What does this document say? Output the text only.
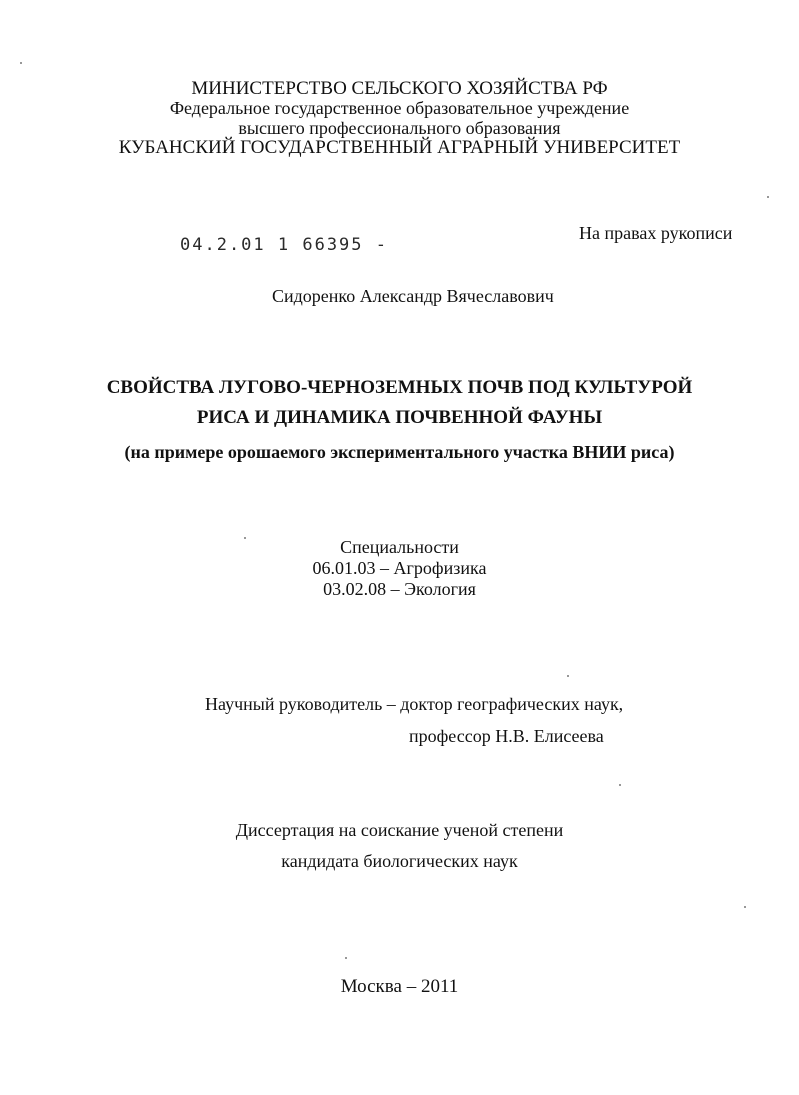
МИНИСТЕРСТВО СЕЛЬСКОГО ХОЗЯЙСТВА РФ
Федеральное государственное образовательное учреждение
высшего профессионального образования
КУБАНСКИЙ ГОСУДАРСТВЕННЫЙ АГРАРНЫЙ УНИВЕРСИТЕТ
04.2.01 1 66395 -
На правах рукописи
Сидоренко Александр Вячеславович
СВОЙСТВА ЛУГОВО-ЧЕРНОЗЕМНЫХ ПОЧВ ПОД КУЛЬТУРОЙ
РИСА И ДИНАМИКА ПОЧВЕННОЙ ФАУНЫ
(на примере орошаемого экспериментального участка ВНИИ риса)
Специальности
06.01.03 – Агрофизика
03.02.08 – Экология
Научный руководитель – доктор географических наук,
профессор Н.В. Елисеева
Диссертация на соискание ученой степени
кандидата биологических наук
Москва – 2011
